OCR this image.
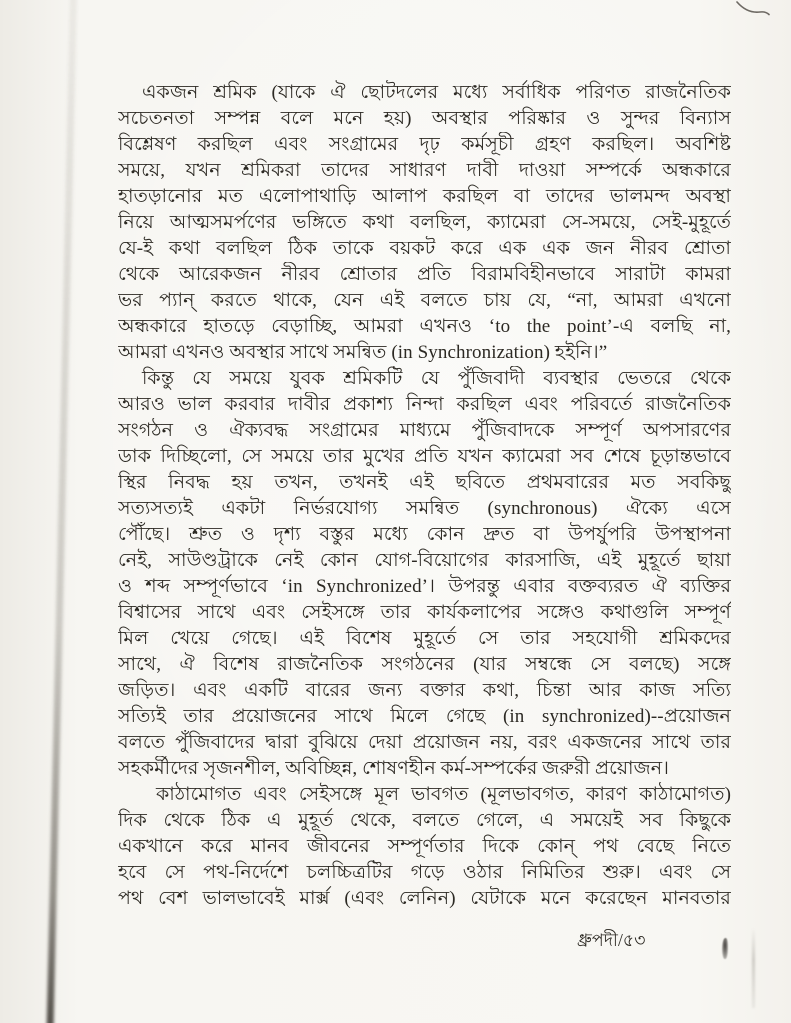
একজন শ্রমিক (যাকে ঐ ছোটদলের মধ্যে সর্বাধিক পরিণত রাজনৈতিক
সচেতনতা সম্পন্ন বলে মনে হয়) অবস্থার পরিষ্কার ও সুন্দর বিন্যাস
বিশ্লেষণ করছিল এবং সংগ্রামের দৃঢ় কর্মসূচী গ্রহণ করছিল। অবশিষ্ট
সময়ে, যখন শ্রমিকরা তাদের সাধারণ দাবী দাওয়া সম্পর্কে অন্ধকারে
হাতড়ানোর মত এলোপাথাড়ি আলাপ করছিল বা তাদের ভালমন্দ অবস্থা
নিয়ে আত্মসমর্পণের ভঙ্গিতে কথা বলছিল, ক্যামেরা সে-সময়ে, সেই-মুহূর্তে
যে-ই কথা বলছিল ঠিক তাকে বয়কট করে এক এক জন নীরব শ্রোতা
থেকে আরেকজন নীরব শ্রোতার প্রতি বিরামবিহীনভাবে সারাটা কামরা
ভর প্যান্ করতে থাকে, যেন এই বলতে চায় যে, “না, আমরা এখনো
অন্ধকারে হাতড়ে বেড়াচ্ছি, আমরা এখনও ‘to the point’-এ বলছি না,
আমরা এখনও অবস্থার সাথে সমন্বিত (in Synchronization) হইনি।”
কিন্তু যে সময়ে যুবক শ্রমিকটি যে পুঁজিবাদী ব্যবস্থার ভেতরে থেকে
আরও ভাল করবার দাবীর প্রকাশ্য নিন্দা করছিল এবং পরিবর্তে রাজনৈতিক
সংগঠন ও ঐক্যবদ্ধ সংগ্রামের মাধ্যমে পুঁজিবাদকে সম্পূর্ণ অপসারণের
ডাক দিচ্ছিলো, সে সময়ে তার মুখের প্রতি যখন ক্যামেরা সব শেষে চূড়ান্তভাবে
স্থির নিবদ্ধ হয় তখন, তখনই এই ছবিতে প্রথমবারের মত সবকিছু
সত্যসত্যই একটা নির্ভরযোগ্য সমন্বিত (synchronous) ঐক্যে এসে
পৌঁছে। শ্রুত ও দৃশ্য বস্তুর মধ্যে কোন দ্রুত বা উপর্যুপরি উপস্থাপনা
নেই, সাউণ্ডট্রাকে নেই কোন যোগ-বিয়োগের কারসাজি, এই মুহূর্তে ছায়া
ও শব্দ সম্পূর্ণভাবে ‘in Synchronized’। উপরন্তু এবার বক্তব্যরত ঐ ব্যক্তির
বিশ্বাসের সাথে এবং সেইসঙ্গে তার কার্যকলাপের সঙ্গেও কথাগুলি সম্পূর্ণ
মিল খেয়ে গেছে। এই বিশেষ মুহূর্তে সে তার সহযোগী শ্রমিকদের
সাথে, ঐ বিশেষ রাজনৈতিক সংগঠনের (যার সম্বন্ধে সে বলছে) সঙ্গে
জড়িত। এবং একটি বারের জন্য বক্তার কথা, চিন্তা আর কাজ সত্যি
সত্যিই তার প্রয়োজনের সাথে মিলে গেছে (in synchronized)--প্রয়োজন
বলতে পুঁজিবাদের দ্বারা বুঝিয়ে দেয়া প্রয়োজন নয়, বরং একজনের সাথে তার
সহকর্মীদের সৃজনশীল, অবিচ্ছিন্ন, শোষণহীন কর্ম-সম্পর্কের জরুরী প্রয়োজন।
কাঠামোগত এবং সেইসঙ্গে মূল ভাবগত (মূলভাবগত, কারণ কাঠামোগত)
দিক থেকে ঠিক এ মুহূর্ত থেকে, বলতে গেলে, এ সময়েই সব কিছুকে
একখানে করে মানব জীবনের সম্পূর্ণতার দিকে কোন্ পথ বেছে নিতে
হবে সে পথ-নির্দেশে চলচ্চিত্রটির গড়ে ওঠার নিমিতির শুরু। এবং সে
পথ বেশ ভালভাবেই মার্ক্স (এবং লেনিন) যেটাকে মনে করেছেন মানবতার
ধ্রুপদী/৫৩
